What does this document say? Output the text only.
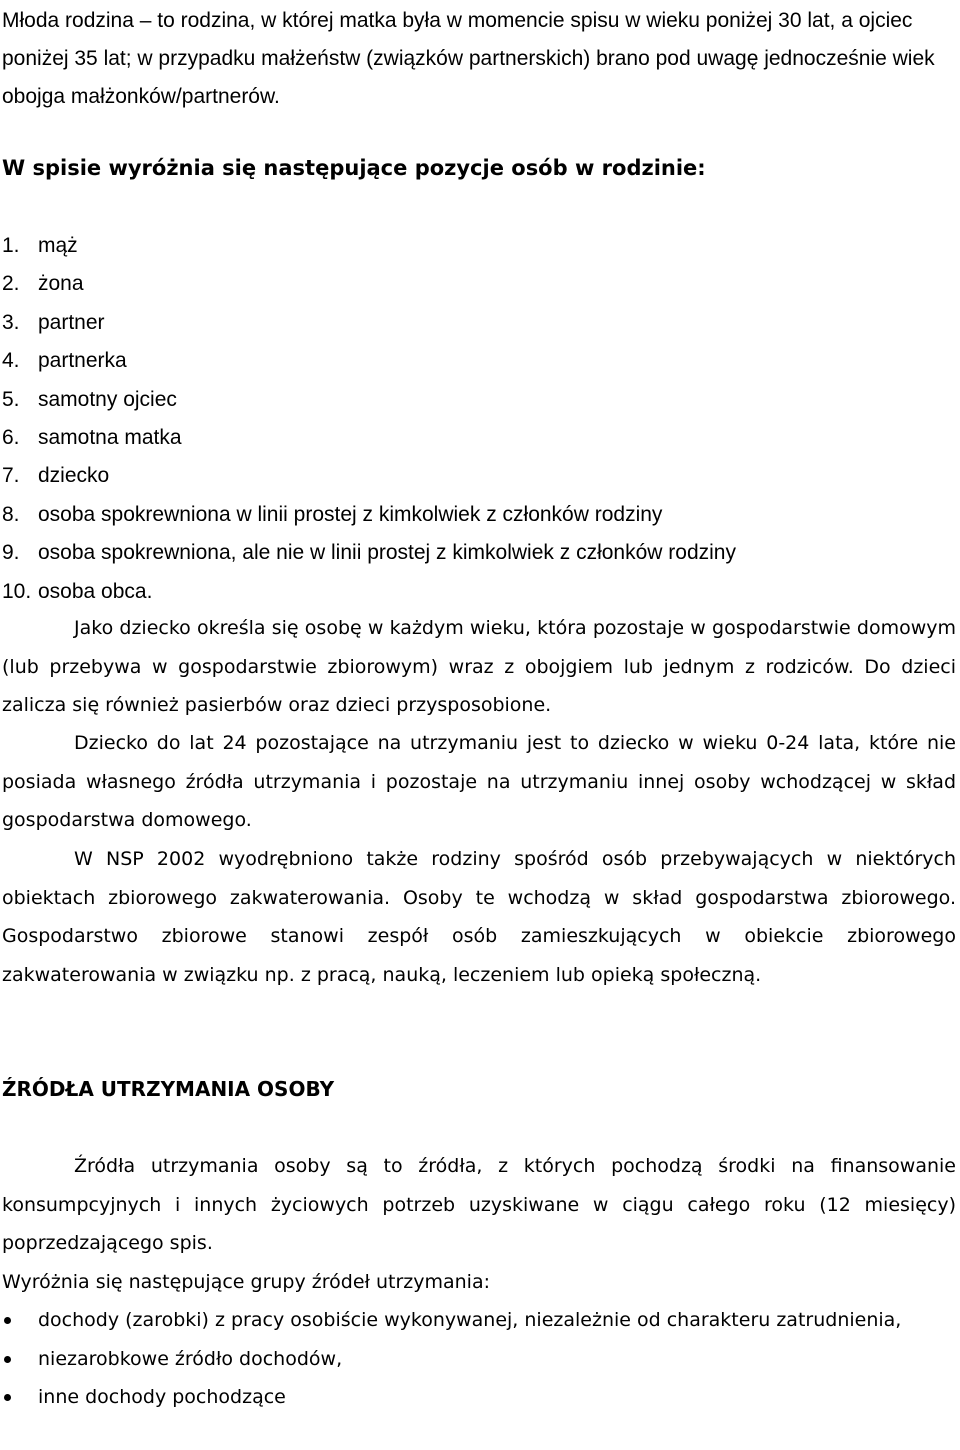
Młoda rodzina – to rodzina, w której matka była w momencie spisu w wieku poniżej 30 lat, a ojciec poniżej 35 lat; w przypadku małżeństw (związków partnerskich) brano pod uwagę jednocześnie wiek obojga małżonków/partnerów.

W spisie wyróżnia się następujące pozycje osób w rodzinie:

1. mąż
2. żona
3. partner
4. partnerka
5. samotny ojciec
6. samotna matka
7. dziecko
8. osoba spokrewniona w linii prostej z kimkolwiek z członków rodziny
9. osoba spokrewniona, ale nie w linii prostej z kimkolwiek z członków rodziny
10. osoba obca.

Jako dziecko określa się osobę w każdym wieku, która pozostaje w gospodarstwie domowym (lub przebywa w gospodarstwie zbiorowym) wraz z obojgiem lub jednym z rodziców. Do dzieci zalicza się również pasierbów oraz dzieci przysposobione.

Dziecko do lat 24 pozostające na utrzymaniu jest to dziecko w wieku 0-24 lata, które nie posiada własnego źródła utrzymania i pozostaje na utrzymaniu innej osoby wchodzącej w skład gospodarstwa domowego.

W NSP 2002 wyodrębniono także rodziny spośród osób przebywających w niektórych obiektach zbiorowego zakwaterowania. Osoby te wchodzą w skład gospodarstwa zbiorowego. Gospodarstwo zbiorowe stanowi zespół osób zamieszkujących w obiekcie zbiorowego zakwaterowania w związku np. z pracą, nauką, leczeniem lub opieką społeczną.

ŹRÓDŁA UTRZYMANIA OSOBY

Źródła utrzymania osoby są to źródła, z których pochodzą środki na finansowanie konsumpcyjnych i innych życiowych potrzeb uzyskiwane w ciągu całego roku (12 miesięcy) poprzedzającego spis.

Wyróżnia się następujące grupy źródeł utrzymania:

dochody (zarobki) z pracy osobiście wykonywanej, niezależnie od charakteru zatrudnienia,
niezarobkowe źródło dochodów,
inne dochody pochodzące
